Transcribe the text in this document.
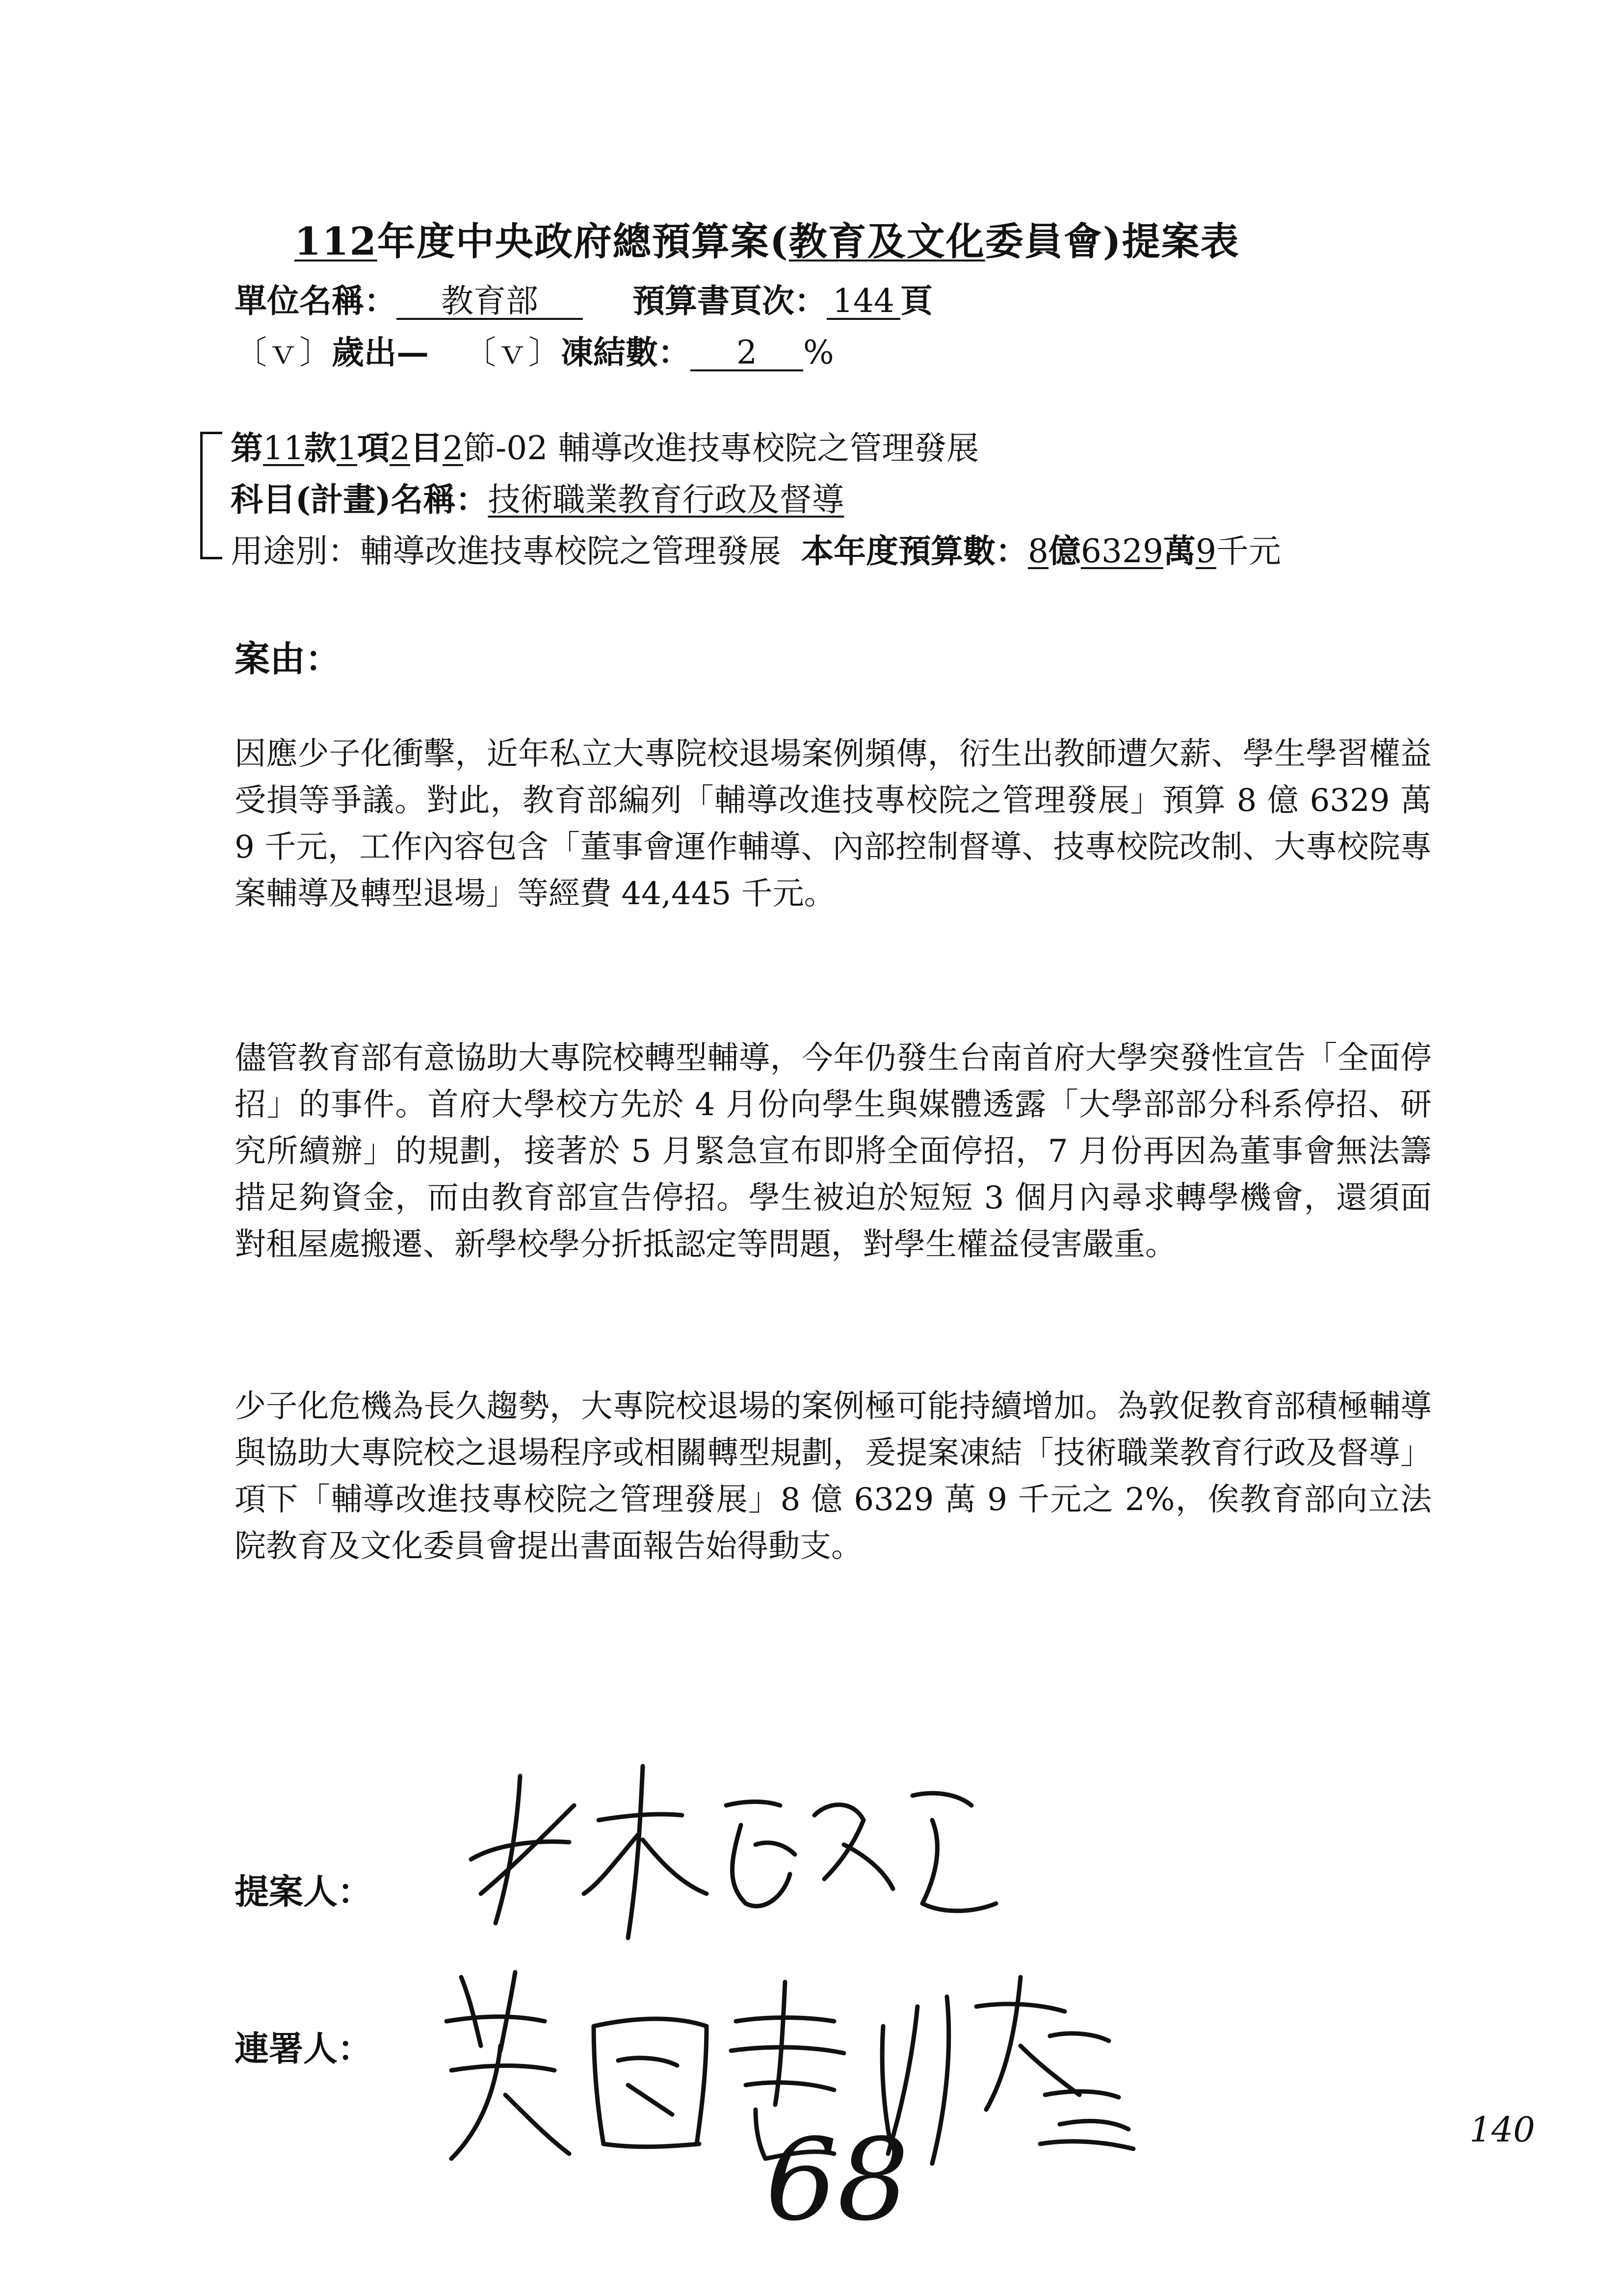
112年度中央政府總預算案(教育及文化委員會)提案表
單位名稱： 教育部	預算書頁次： 144 頁
〔ｖ〕歲出— 〔ｖ〕凍結數： 2 %
第11款1項2目2節-02 輔導改進技專校院之管理發展
科目(計畫)名稱：技術職業教育行政及督導
用途別：輔導改進技專校院之管理發展 本年度預算數：8億6329萬9千元
案由：

因應少子化衝擊，近年私立大專院校退場案例頻傳，衍生出教師遭欠薪、學生學習權益受損等爭議。對此，教育部編列「輔導改進技專校院之管理發展」預算 8 億 6329 萬 9 千元，工作內容包含「董事會運作輔導、內部控制督導、技專校院改制、大專校院專案輔導及轉型退場」等經費 44,445 千元。

儘管教育部有意協助大專院校轉型輔導，今年仍發生台南首府大學突發性宣告「全面停招」的事件。首府大學校方先於 4 月份向學生與媒體透露「大學部部分科系停招、研究所續辦」的規劃，接著於 5 月緊急宣布即將全面停招，7 月份再因為董事會無法籌措足夠資金，而由教育部宣告停招。學生被迫於短短 3 個月內尋求轉學機會，還須面對租屋處搬遷、新學校學分折抵認定等問題，對學生權益侵害嚴重。

少子化危機為長久趨勢，大專院校退場的案例極可能持續增加。為敦促教育部積極輔導與協助大專院校之退場程序或相關轉型規劃，爰提案凍結「技術職業教育行政及督導」項下「輔導改進技專校院之管理發展」8 億 6329 萬 9 千元之 2%，俟教育部向立法院教育及文化委員會提出書面報告始得動支。

提案人：
連署人：
68	140
